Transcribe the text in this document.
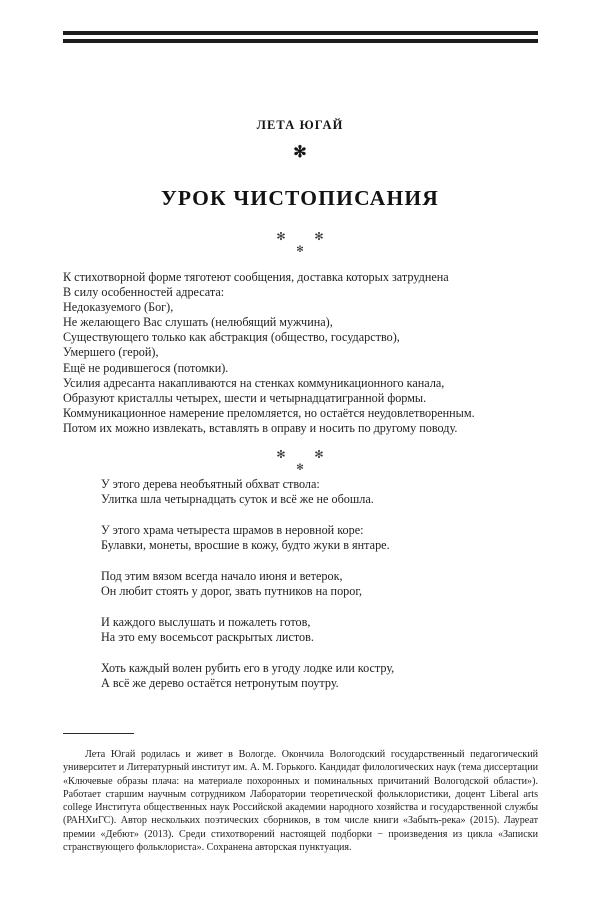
ЛЕТА ЮГАЙ
✻
УРОК ЧИСТОПИСАНИЯ
✻ ✻
✻
К стихотворной форме тяготеют сообщения, доставка которых затруднена
В силу особенностей адресата:
Недоказуемого (Бог),
Не желающего Вас слушать (нелюбящий мужчина),
Существующего только как абстракция (общество, государство),
Умершего (герой),
Ещё не родившегося (потомки).
Усилия адресанта накапливаются на стенках коммуникационного канала,
Образуют кристаллы четырех, шести и четырнадцатигранной формы.
Коммуникационное намерение преломляется, но остаётся неудовлетворенным.
Потом их можно извлекать, вставлять в оправу и носить по другому поводу.
✻ ✻
✻
У этого дерева необъятный обхват ствола:
Улитка шла четырнадцать суток и всё же не обошла.
У этого храма четыреста шрамов в неровной коре:
Булавки, монеты, вросшие в кожу, будто жуки в янтаре.
Под этим вязом всегда начало июня и ветерок,
Он любит стоять у дорог, звать путников на порог,
И каждого выслушать и пожалеть готов,
На это ему восемьсот раскрытых листов.
Хоть каждый волен рубить его в угоду лодке или костру,
А всё же дерево остаётся нетронутым поутру.
Лета Югай родилась и живет в Вологде. Окончила Вологодский государственный педагогический университет и Литературный институт им. А. М. Горького. Кандидат филологических наук (тема диссертации «Ключевые образы плача: на материале похоронных и поминальных причитаний Вологодской области»). Работает старшим научным сотрудником Лаборатории теоретической фольклористики, доцент Liberal arts college Института общественных наук Российской академии народного хозяйства и государственной службы (РАНХиГС). Автор нескольких поэтических сборников, в том числе книги «Забыть-река» (2015). Лауреат премии «Дебют» (2013). Среди стихотворений настоящей подборки − произведения из цикла «Записки странствующего фольклориста». Сохранена авторская пунктуация.
